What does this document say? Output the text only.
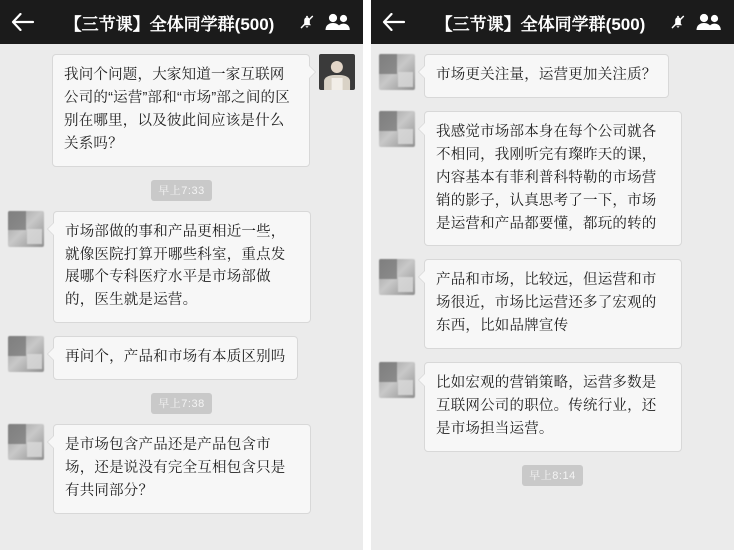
【三节课】全体同学群(500)
我问个问题，大家知道一家互联网公司的“运营”部和“市场”部之间的区别在哪里，以及彼此间应该是什么关系吗？
早上7:33
市场部做的事和产品更相近一些，就像医院打算开哪些科室，重点发展哪个专科医疗水平是市场部做的，医生就是运营。
再问个，产品和市场有本质区别吗
早上7:38
是市场包含产品还是产品包含市场，还是说没有完全互相包含只是有共同部分？
【三节课】全体同学群(500)
市场更关注量，运营更加关注质？
我感觉市场部本身在每个公司就各不相同，我刚听完有璨昨天的课，内容基本有菲利普科特勒的市场营销的影子，认真思考了一下，市场是运营和产品都要懂，都玩的转的
产品和市场，比较远，但运营和市场很近，市场比运营还多了宏观的东西，比如品牌宣传
比如宏观的营销策略，运营多数是互联网公司的职位。传统行业，还是市场担当运营。
早上8:14
